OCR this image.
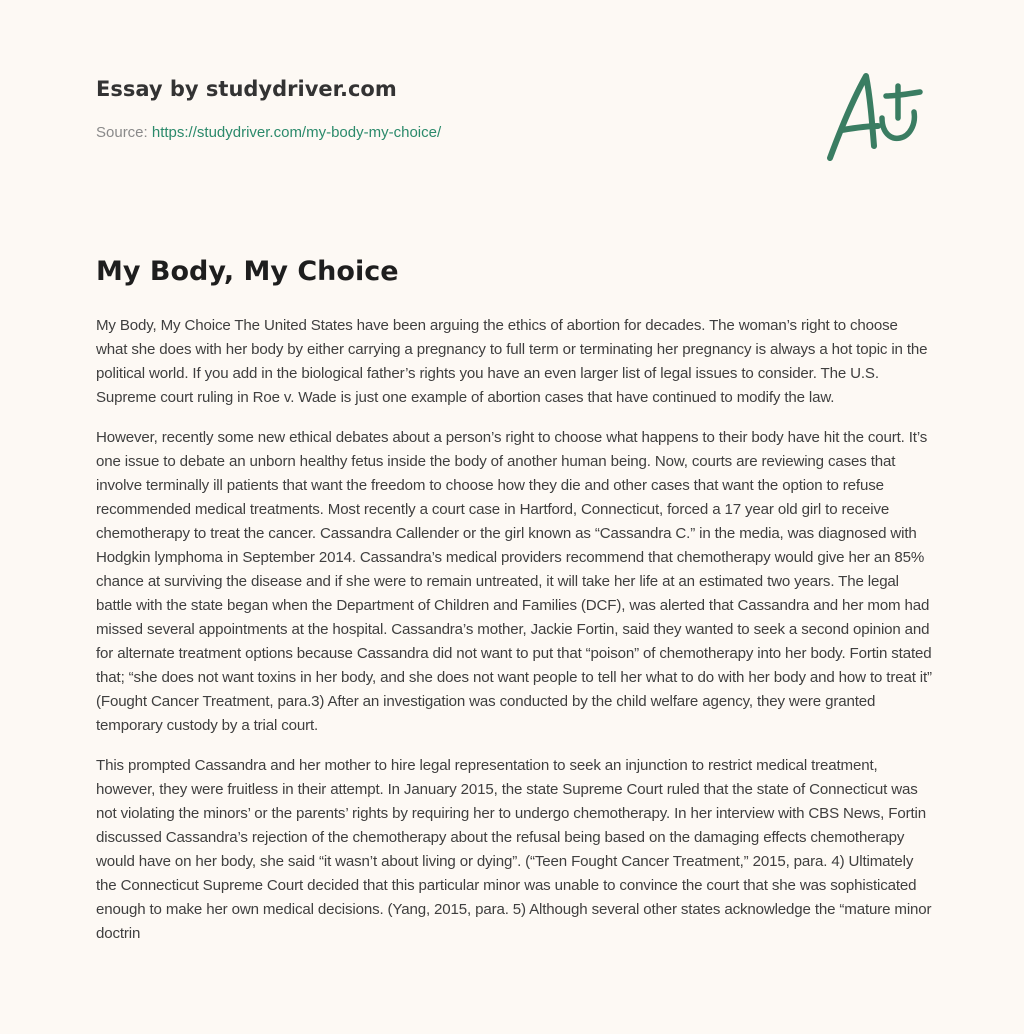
Essay by studydriver.com
Source: https://studydriver.com/my-body-my-choice/
My Body, My Choice

My Body, My Choice The United States have been arguing the ethics of abortion for decades. The woman’s right to choose what she does with her body by either carrying a pregnancy to full term or terminating her pregnancy is always a hot topic in the political world. If you add in the biological father’s rights you have an even larger list of legal issues to consider. The U.S. Supreme court ruling in Roe v. Wade is just one example of abortion cases that have continued to modify the law.

However, recently some new ethical debates about a person’s right to choose what happens to their body have hit the court. It’s one issue to debate an unborn healthy fetus inside the body of another human being. Now, courts are reviewing cases that involve terminally ill patients that want the freedom to choose how they die and other cases that want the option to refuse recommended medical treatments. Most recently a court case in Hartford, Connecticut, forced a 17 year old girl to receive chemotherapy to treat the cancer. Cassandra Callender or the girl known as “Cassandra C.” in the media, was diagnosed with Hodgkin lymphoma in September 2014. Cassandra’s medical providers recommend that chemotherapy would give her an 85% chance at surviving the disease and if she were to remain untreated, it will take her life at an estimated two years. The legal battle with the state began when the Department of Children and Families (DCF), was alerted that Cassandra and her mom had missed several appointments at the hospital. Cassandra’s mother, Jackie Fortin, said they wanted to seek a second opinion and for alternate treatment options because Cassandra did not want to put that “poison” of chemotherapy into her body. Fortin stated that; “she does not want toxins in her body, and she does not want people to tell her what to do with her body and how to treat it” (Fought Cancer Treatment, para.3) After an investigation was conducted by the child welfare agency, they were granted temporary custody by a trial court.

This prompted Cassandra and her mother to hire legal representation to seek an injunction to restrict medical treatment, however, they were fruitless in their attempt. In January 2015, the state Supreme Court ruled that the state of Connecticut was not violating the minors’ or the parents’ rights by requiring her to undergo chemotherapy. In her interview with CBS News, Fortin discussed Cassandra’s rejection of the chemotherapy about the refusal being based on the damaging effects chemotherapy would have on her body, she said “it wasn’t about living or dying”. (“Teen Fought Cancer Treatment,” 2015, para. 4) Ultimately the Connecticut Supreme Court decided that this particular minor was unable to convince the court that she was sophisticated enough to make her own medical decisions. (Yang, 2015, para. 5) Although several other states acknowledge the “mature minor doctrin
